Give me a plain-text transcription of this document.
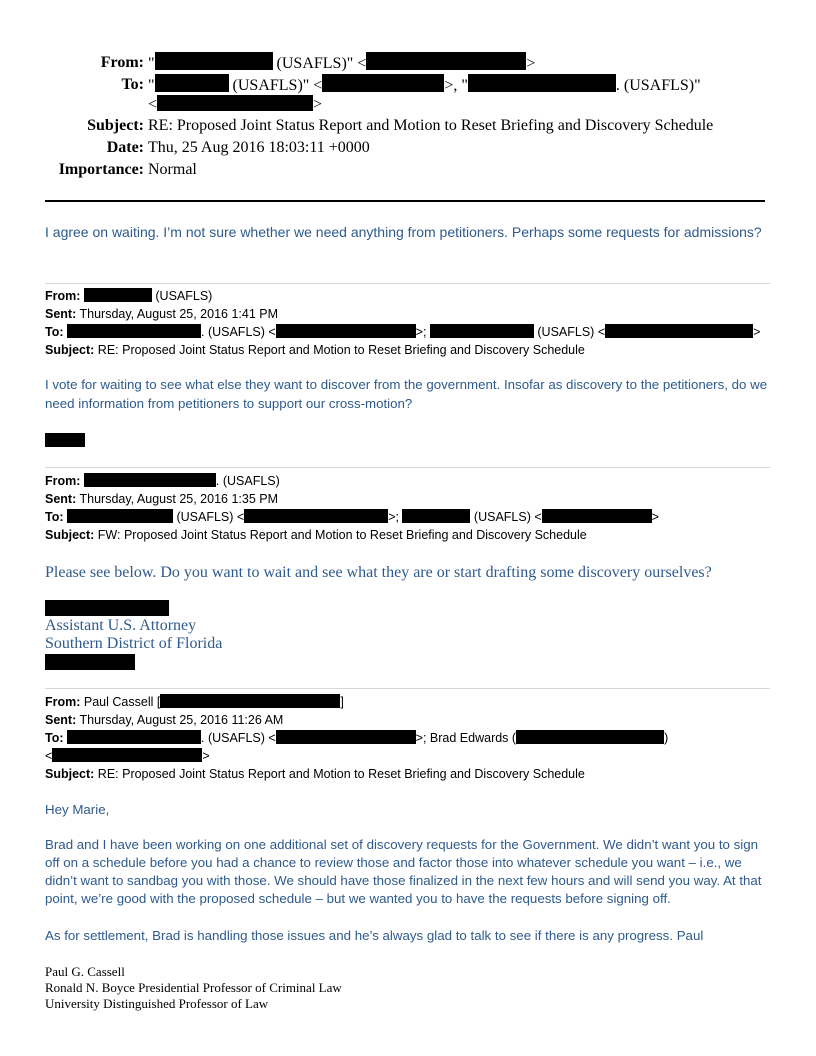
From: "	(USAFLS)" <	>
To: "	(USAFLS)" <	>, "	. (USAFLS)"
<	>
Subject: RE: Proposed Joint Status Report and Motion to Reset Briefing and Discovery Schedule
Date: Thu, 25 Aug 2016 18:03:11 +0000
Importance: Normal
I agree on waiting. I’m not sure whether we need anything from petitioners. Perhaps some requests for admissions?
From:	(USAFLS)
Sent: Thursday, August 25, 2016 1:41 PM
To:	. (USAFLS) <	>;	(USAFLS) <	>
Subject: RE: Proposed Joint Status Report and Motion to Reset Briefing and Discovery Schedule
I vote for waiting to see what else they want to discover from the government. Insofar as discovery to the petitioners, do we need information from petitioners to support our cross-motion?
From:	. (USAFLS)
Sent: Thursday, August 25, 2016 1:35 PM
To:	(USAFLS) <	>;	(USAFLS) <	>
Subject: FW: Proposed Joint Status Report and Motion to Reset Briefing and Discovery Schedule
Please see below. Do you want to wait and see what they are or start drafting some discovery ourselves?
Assistant U.S. Attorney
Southern District of Florida
From: Paul Cassell [	]
Sent: Thursday, August 25, 2016 11:26 AM
To:	. (USAFLS) <	>; Brad Edwards (	)
<	>
Subject: RE: Proposed Joint Status Report and Motion to Reset Briefing and Discovery Schedule
Hey Marie,
Brad and I have been working on one additional set of discovery requests for the Government. We didn’t want you to sign off on a schedule before you had a chance to review those and factor those into whatever schedule you want – i.e., we didn’t want to sandbag you with those. We should have those finalized in the next few hours and will send you way. At that point, we’re good with the proposed schedule – but we wanted you to have the requests before signing off.
As for settlement, Brad is handling those issues and he’s always glad to talk to see if there is any progress. Paul
Paul G. Cassell
Ronald N. Boyce Presidential Professor of Criminal Law
University Distinguished Professor of Law
